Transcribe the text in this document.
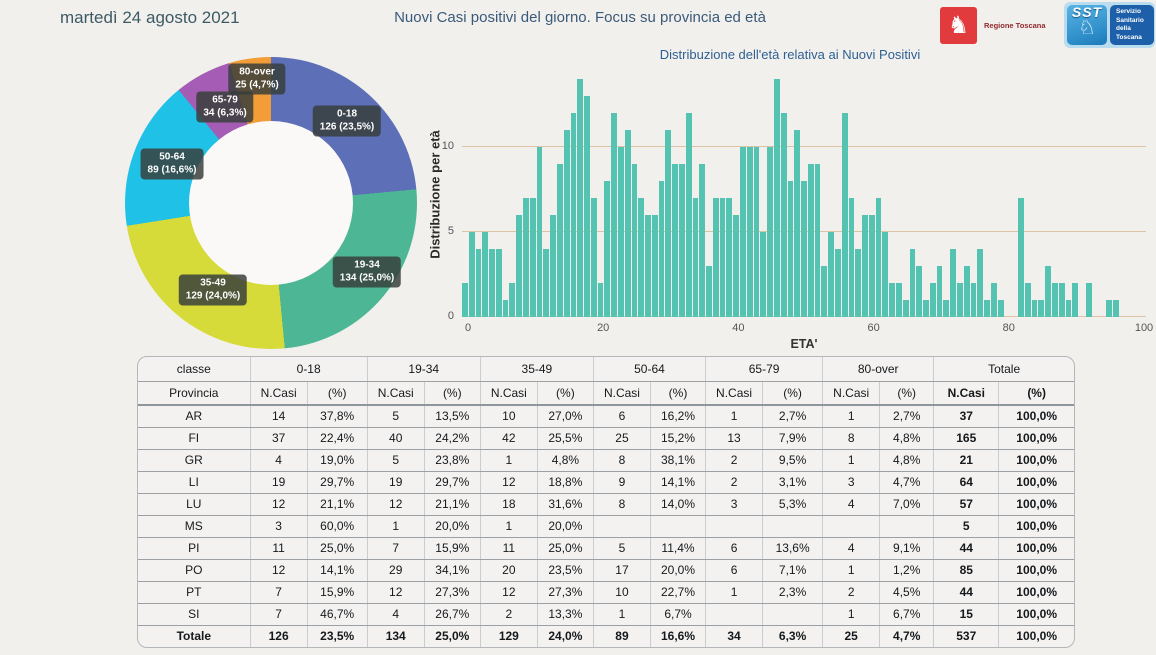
martedì 24 agosto 2021	Nuovi Casi positivi del giorno. Focus su provincia ed età	♞ Regione Toscana
SST
♘
Servizio
Sanitario
della
Toscana
0-18
126 (23,5%)
19-34
134 (25,0%)
35-49
129 (24,0%)
50-64
89 (16,6%)
65-79
34 (6,3%)
80-over
25 (4,7%)
Distribuzione dell'età relativa ai Nuovi Positivi
Distribuzione per età
0
5
10
0	20	40	60	80	100
ETA'
classe	0-18		19-34		35-49		50-64		65-79		80-over		Totale	
Provincia	N.Casi	(%)	N.Casi	(%)	N.Casi	(%)	N.Casi	(%)	N.Casi	(%)	N.Casi	(%)	N.Casi	(%)
AR	14	37,8%	5	13,5%	10	27,0%	6	16,2%	1	2,7%	1	2,7%	37	100,0%
FI	37	22,4%	40	24,2%	42	25,5%	25	15,2%	13	7,9%	8	4,8%	165	100,0%
GR	4	19,0%	5	23,8%	1	4,8%	8	38,1%	2	9,5%	1	4,8%	21	100,0%
LI	19	29,7%	19	29,7%	12	18,8%	9	14,1%	2	3,1%	3	4,7%	64	100,0%
LU	12	21,1%	12	21,1%	18	31,6%	8	14,0%	3	5,3%	4	7,0%	57	100,0%
MS	3	60,0%	1	20,0%	1	20,0%							5	100,0%
PI	11	25,0%	7	15,9%	11	25,0%	5	11,4%	6	13,6%	4	9,1%	44	100,0%
PO	12	14,1%	29	34,1%	20	23,5%	17	20,0%	6	7,1%	1	1,2%	85	100,0%
PT	7	15,9%	12	27,3%	12	27,3%	10	22,7%	1	2,3%	2	4,5%	44	100,0%
SI	7	46,7%	4	26,7%	2	13,3%	1	6,7%			1	6,7%	15	100,0%
Totale	126	23,5%	134	25,0%	129	24,0%	89	16,6%	34	6,3%	25	4,7%	537	100,0%
